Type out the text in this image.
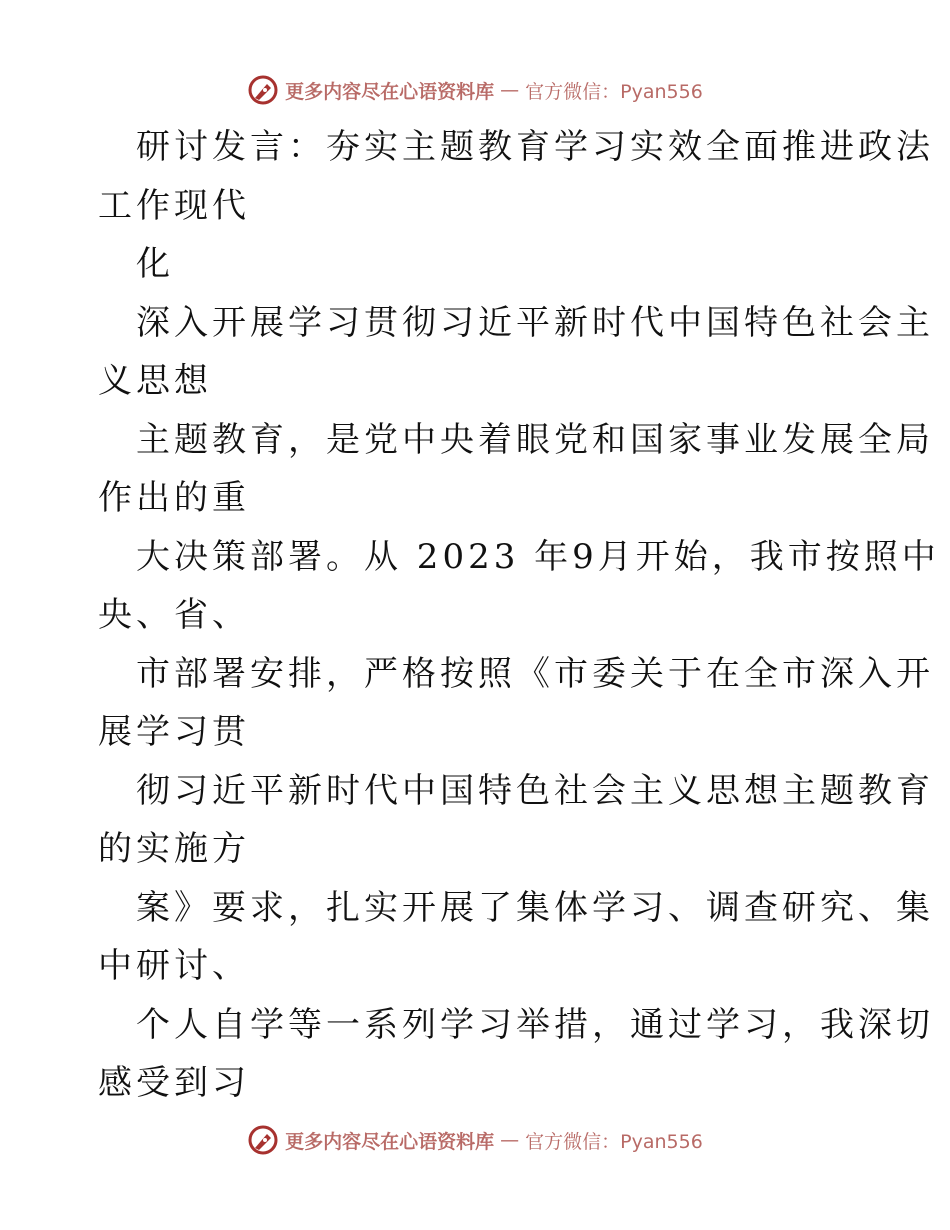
更多内容尽在心语资料库 — 官方微信：Pyan556
研讨发言：夯实主题教育学习实效全面推进政法
工作现代
化
深入开展学习贯彻习近平新时代中国特色社会主
义思想
主题教育，是党中央着眼党和国家事业发展全局
作出的重
大决策部署。从 2023 年9月开始，我市按照中
央、省、
市部署安排，严格按照《市委关于在全市深入开
展学习贯
彻习近平新时代中国特色社会主义思想主题教育
的实施方
案》要求，扎实开展了集体学习、调查研究、集
中研讨、
个人自学等一系列学习举措，通过学习，我深切
感受到习
更多内容尽在心语资料库 — 官方微信：Pyan556
